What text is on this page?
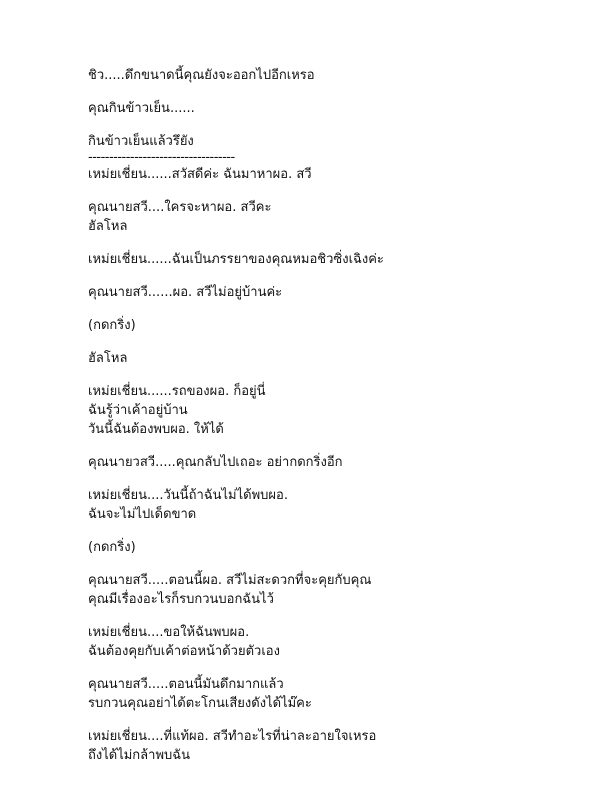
ชิว.....ดึกขนาดนี้คุณยังจะออกไปอีกเหรอ
คุณกินข้าวเย็น......
กินข้าวเย็นแล้วรึยัง
-----------------------------------
เหม่ยเชี่ยน......สวัสดีค่ะ ฉันมาหาผอ. สวี
คุณนายสวี....ใครจะหาผอ. สวีคะ
ฮัลโหล
เหม่ยเชี่ยน......ฉันเป็นภรรยาของคุณหมอชิวซิ่งเฉิงค่ะ
คุณนายสวี......ผอ. สวีไม่อยู่บ้านค่ะ
(กดกริ่ง)
ฮัลโหล
เหม่ยเชี่ยน......รถของผอ. ก็อยู่นี่
ฉันรู้ว่าเค้าอยู่บ้าน
วันนี้ฉันต้องพบผอ. ให้ได้
คุณนายวสวี.....คุณกลับไปเถอะ อย่ากดกริ่งอีก
เหม่ยเชี่ยน....วันนี้ถ้าฉันไม่ได้พบผอ.
ฉันจะไม่ไปเด็ดขาด
(กดกริ่ง)
คุณนายสวี.....ตอนนี้ผอ. สวีไม่สะดวกที่จะคุยกับคุณ
คุณมีเรื่องอะไรก็รบกวนบอกฉันไว้
เหม่ยเชี่ยน....ขอให้ฉันพบผอ.
ฉันต้องคุยกับเค้าต่อหน้าด้วยตัวเอง
คุณนายสวี.....ตอนนี้มันดึกมากแล้ว
รบกวนคุณอย่าได้ตะโกนเสียงดังได้ไม๊คะ
เหม่ยเชี่ยน....ที่แท้ผอ. สวีทำอะไรที่น่าละอายใจเหรอ
ถึงได้ไม่กล้าพบฉัน
